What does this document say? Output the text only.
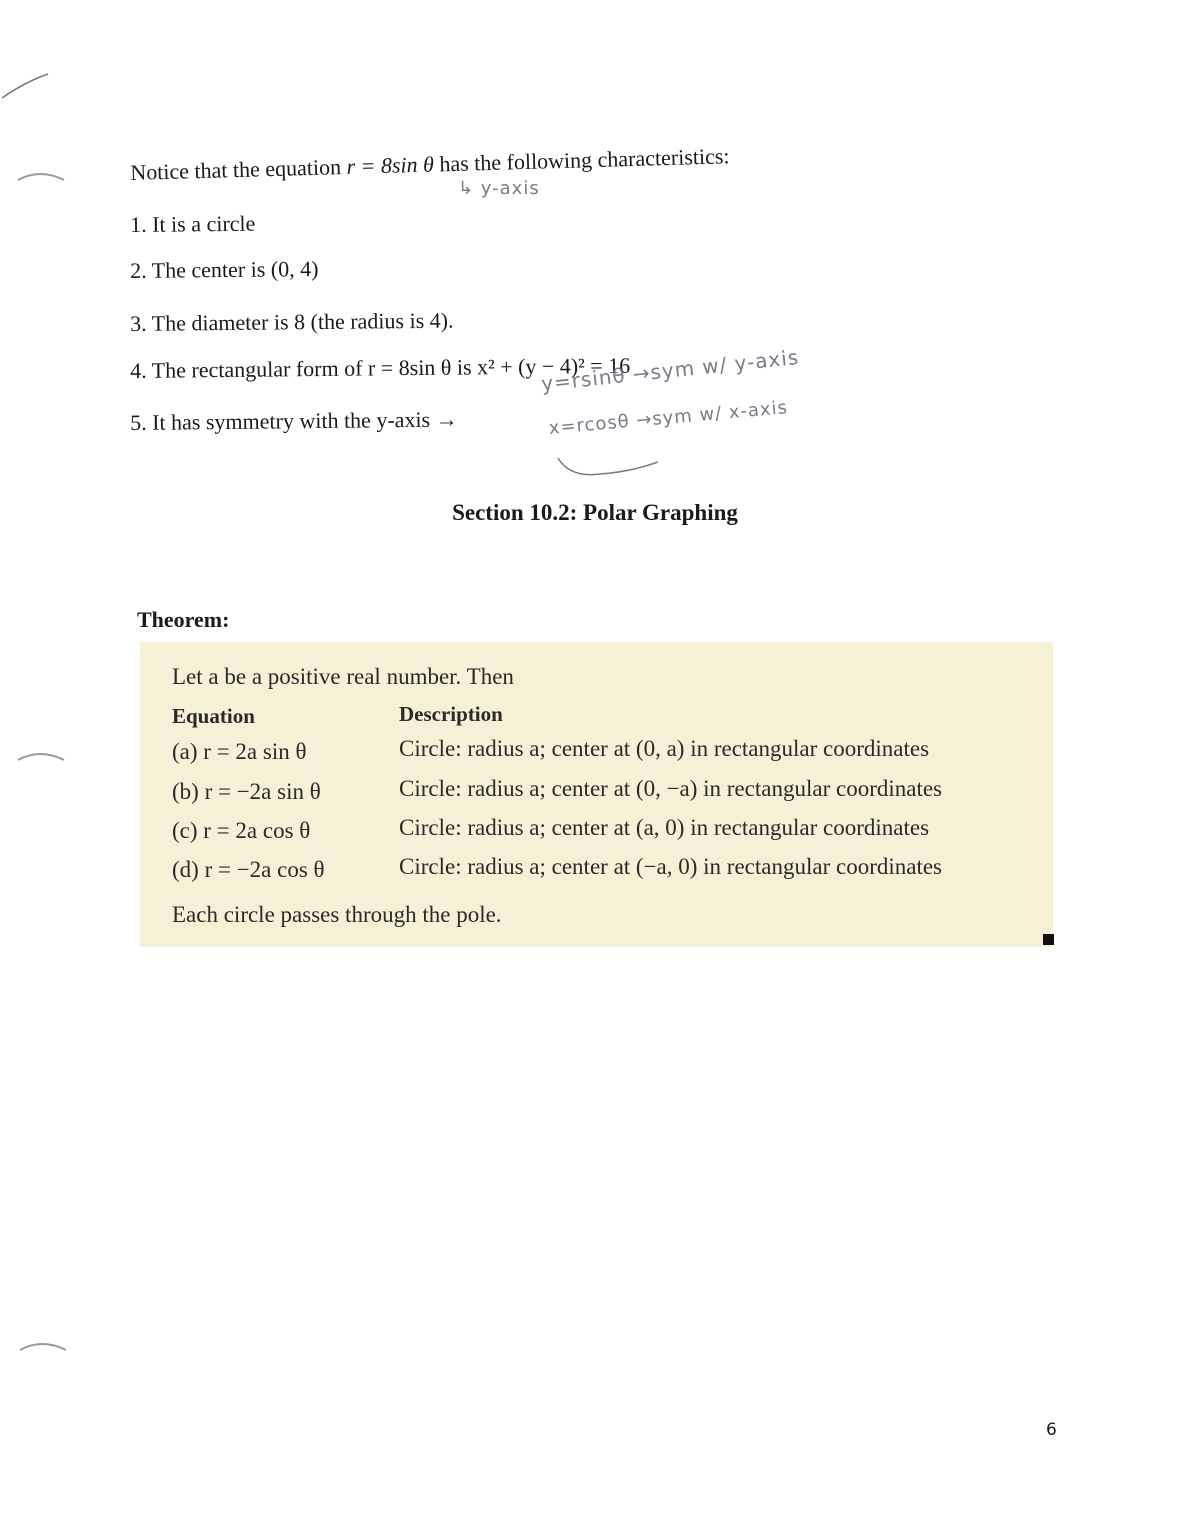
Notice that the equation r = 8sin θ has the following characteristics:
↳ y-axis
1. It is a circle
2. The center is (0, 4)
3. The diameter is 8 (the radius is 4).
4. The rectangular form of r = 8sin θ is x² + (y − 4)² = 16
5. It has symmetry with the y-axis →
y=rsinθ →sym w/ y-axis
x=rcosθ →sym w/ x-axis
Section 10.2: Polar Graphing
Theorem:
Let a be a positive real number. Then
Equation	Description
(a) r = 2a sin θ	Circle: radius a; center at (0, a) in rectangular coordinates
(b) r = −2a sin θ	Circle: radius a; center at (0, −a) in rectangular coordinates
(c) r = 2a cos θ	Circle: radius a; center at (a, 0) in rectangular coordinates
(d) r = −2a cos θ	Circle: radius a; center at (−a, 0) in rectangular coordinates
Each circle passes through the pole.
6
